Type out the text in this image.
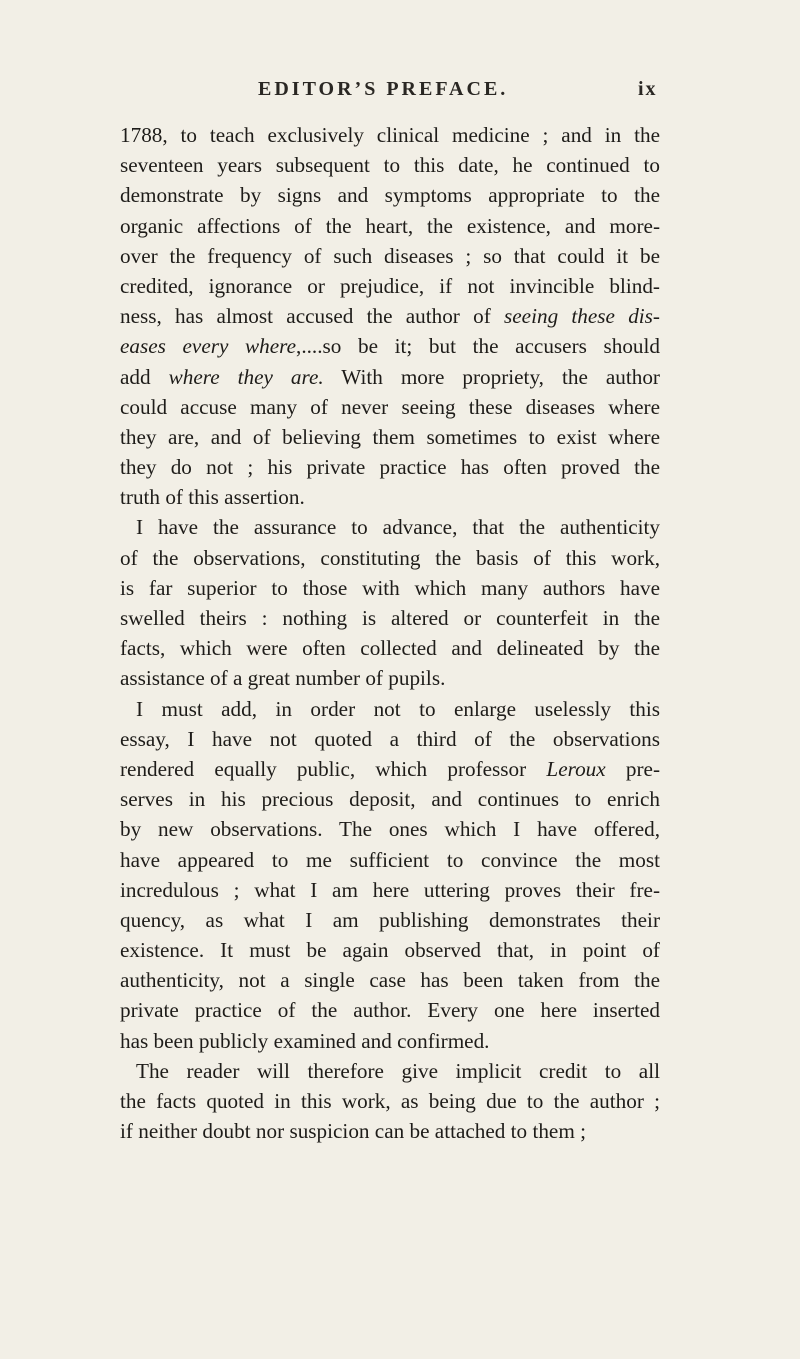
EDITOR’S PREFACE.	ix
1788, to teach exclusively clinical medicine ; and in the
seventeen years subsequent to this date, he continued to
demonstrate by signs and symptoms appropriate to the
organic affections of the heart, the existence, and more-
over the frequency of such diseases ; so that could it be
credited, ignorance or prejudice, if not invincible blind-
ness, has almost accused the author of seeing these dis-
eases every where,....so be it; but the accusers should
add where they are. With more propriety, the author
could accuse many of never seeing these diseases where
they are, and of believing them sometimes to exist where
they do not ; his private practice has often proved the
truth of this assertion.
I have the assurance to advance, that the authenticity
of the observations, constituting the basis of this work,
is far superior to those with which many authors have
swelled theirs : nothing is altered or counterfeit in the
facts, which were often collected and delineated by the
assistance of a great number of pupils.
I must add, in order not to enlarge uselessly this
essay, I have not quoted a third of the observations
rendered equally public, which professor Leroux pre-
serves in his precious deposit, and continues to enrich
by new observations. The ones which I have offered,
have appeared to me sufficient to convince the most
incredulous ; what I am here uttering proves their fre-
quency, as what I am publishing demonstrates their
existence. It must be again observed that, in point of
authenticity, not a single case has been taken from the
private practice of the author. Every one here inserted
has been publicly examined and confirmed.
The reader will therefore give implicit credit to all
the facts quoted in this work, as being due to the author ;
if neither doubt nor suspicion can be attached to them ;
